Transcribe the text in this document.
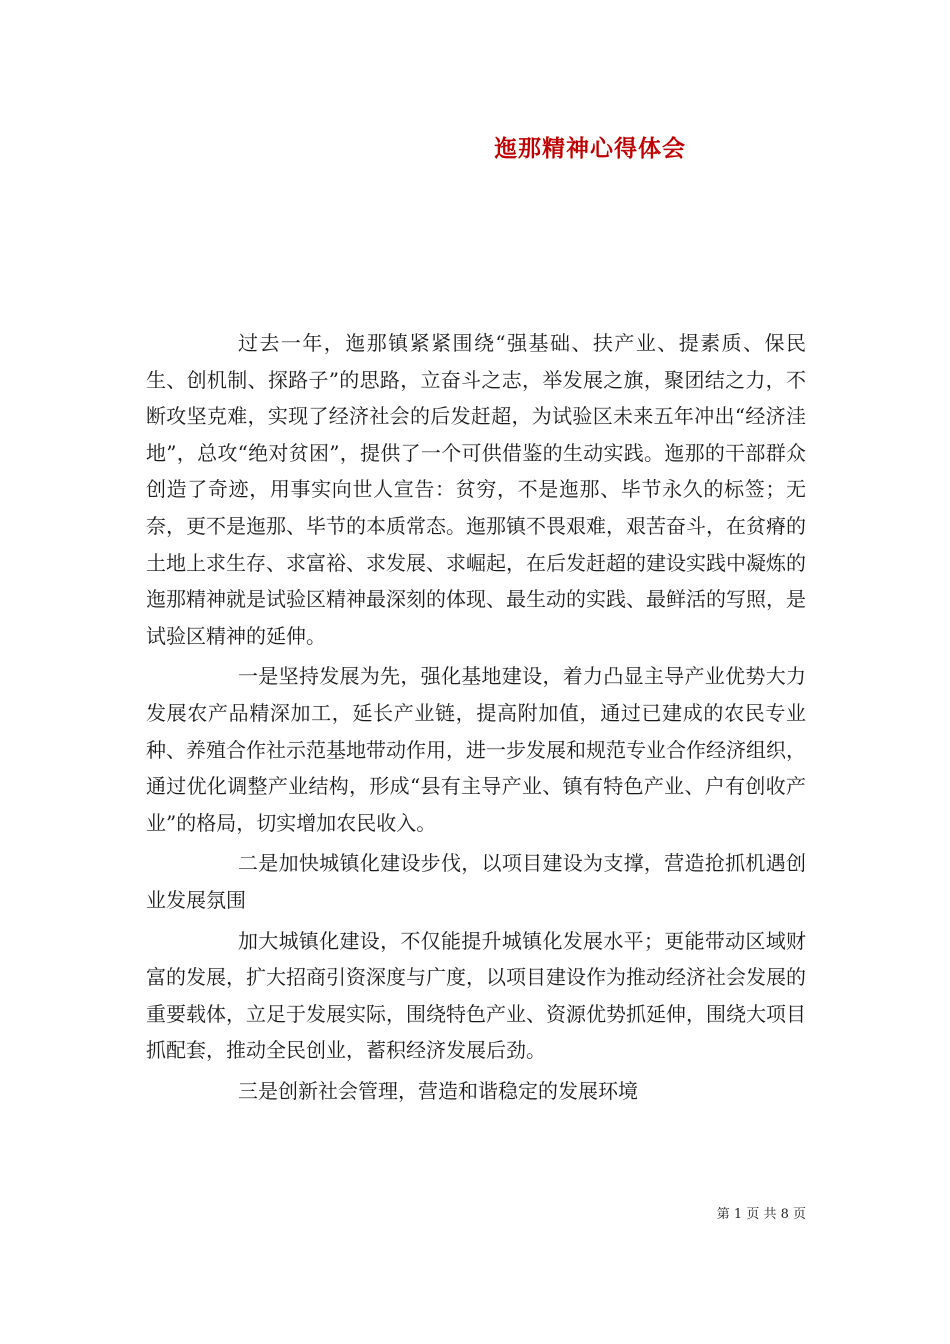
迤那精神心得体会

过去一年，迤那镇紧紧围绕“强基础、扶产业、提素质、保民生、创机制、探路子”的思路，立奋斗之志，举发展之旗，聚团结之力，不断攻坚克难，实现了经济社会的后发赶超，为试验区未来五年冲出“经济洼地”，总攻“绝对贫困”，提供了一个可供借鉴的生动实践。迤那的干部群众创造了奇迹，用事实向世人宣告：贫穷，不是迤那、毕节永久的标签；无奈，更不是迤那、毕节的本质常态。迤那镇不畏艰难，艰苦奋斗，在贫瘠的土地上求生存、求富裕、求发展、求崛起，在后发赶超的建设实践中凝炼的迤那精神就是试验区精神最深刻的体现、最生动的实践、最鲜活的写照，是试验区精神的延伸。

一是坚持发展为先，强化基地建设，着力凸显主导产业优势大力发展农产品精深加工，延长产业链，提高附加值，通过已建成的农民专业种、养殖合作社示范基地带动作用，进一步发展和规范专业合作经济组织，通过优化调整产业结构，形成“县有主导产业、镇有特色产业、户有创收产业”的格局，切实增加农民收入。

二是加快城镇化建设步伐，以项目建设为支撑，营造抢抓机遇创业发展氛围

加大城镇化建设，不仅能提升城镇化发展水平；更能带动区域财富的发展，扩大招商引资深度与广度，以项目建设作为推动经济社会发展的重要载体，立足于发展实际，围绕特色产业、资源优势抓延伸，围绕大项目抓配套，推动全民创业，蓄积经济发展后劲。

三是创新社会管理，营造和谐稳定的发展环境

第 1 页 共 8 页
